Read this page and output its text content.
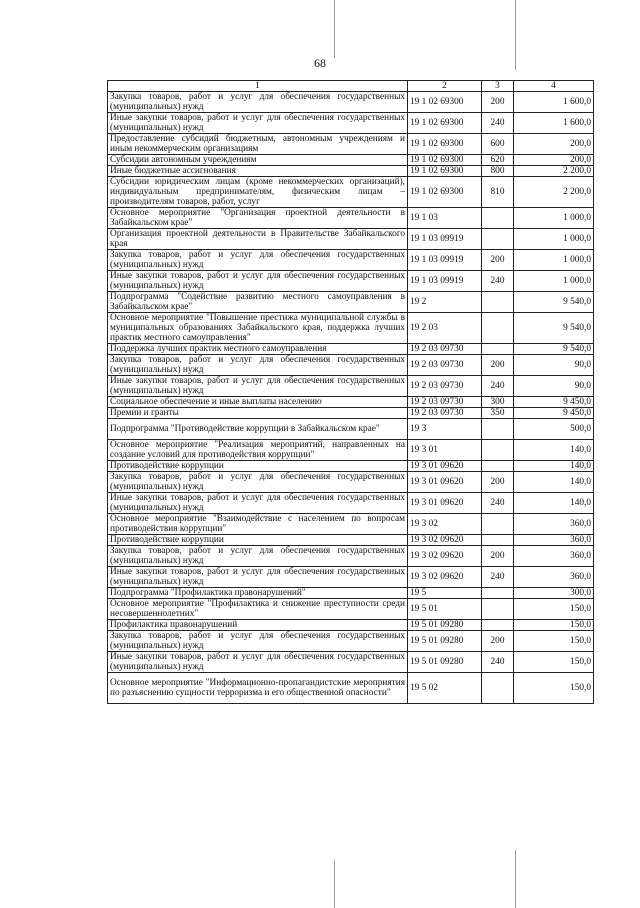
68
1	2	3	4
Закупка товаров, работ и услуг для обеспечения государственных (муниципальных) нужд	19 1 02 69300	200	1 600,0
Иные закупки товаров, работ и услуг для обеспечения государственных (муниципальных) нужд	19 1 02 69300	240	1 600,0
Предоставление субсидий бюджетным, автономным учреждениям и иным некоммерческим организациям	19 1 02 69300	600	200,0
Субсидии автономным учреждениям	19 1 02 69300	620	200,0
Иные бюджетные ассигнования	19 1 02 69300	800	2 200,0
Субсидии юридическим лицам (кроме некоммерческих организаций), индивидуальным предпринимателям, физическим лицам – производителям товаров, работ, услуг	19 1 02 69300	810	2 200,0
Основное мероприятие "Организация проектной деятельности в Забайкальском крае"	19 1 03		1 000,0
Организация проектной деятельности в Правительстве Забайкальского края	19 1 03 09919		1 000,0
Закупка товаров, работ и услуг для обеспечения государственных (муниципальных) нужд	19 1 03 09919	200	1 000,0
Иные закупки товаров, работ и услуг для обеспечения государственных (муниципальных) нужд	19 1 03 09919	240	1 000,0
Подпрограмма "Содействие развитию местного самоуправления в Забайкальском крае"	19 2		9 540,0
Основное мероприятие "Повышение престижа муниципальной службы в муниципальных образованиях Забайкальского края, поддержка лучших практик местного самоуправления"	19 2 03		9 540,0
Поддержка лучших практик местного самоуправления	19 2 03 09730		9 540,0
Закупка товаров, работ и услуг для обеспечения государственных (муниципальных) нужд	19 2 03 09730	200	90,0
Иные закупки товаров, работ и услуг для обеспечения государственных (муниципальных) нужд	19 2 03 09730	240	90,0
Социальное обеспечение и иные выплаты населению	19 2 03 09730	300	9 450,0
Премии и гранты	19 2 03 09730	350	9 450,0
Подпрограмма "Противодействие коррупции в Забайкальском крае"	19 3		500,0
Основное мероприятие "Реализация мероприятий, направленных на создание условий для противодействия коррупции"	19 3 01		140,0
Противодействие коррупции	19 3 01 09620		140,0
Закупка товаров, работ и услуг для обеспечения государственных (муниципальных) нужд	19 3 01 09620	200	140,0
Иные закупки товаров, работ и услуг для обеспечения государственных (муниципальных) нужд	19 3 01 09620	240	140,0
Основное мероприятие "Взаимодействие с населением по вопросам противодействия коррупции"	19 3 02		360,0
Противодействие коррупции	19 3 02 09620		360,0
Закупка товаров, работ и услуг для обеспечения государственных (муниципальных) нужд	19 3 02 09620	200	360,0
Иные закупки товаров, работ и услуг для обеспечения государственных (муниципальных) нужд	19 3 02 09620	240	360,0
Подпрограмма "Профилактика правонарушений"	19 5		300,0
Основное мероприятие "Профилактика и снижение преступности среди несовершеннолетних"	19 5 01		150,0
Профилактика правонарушений	19 5 01 09280		150,0
Закупка товаров, работ и услуг для обеспечения государственных (муниципальных) нужд	19 5 01 09280	200	150,0
Иные закупки товаров, работ и услуг для обеспечения государственных (муниципальных) нужд	19 5 01 09280	240	150,0
Основное мероприятие "Информационно-пропагандистские мероприятия по разъяснению сущности терроризма и его общественной опасности"	19 5 02		150,0
